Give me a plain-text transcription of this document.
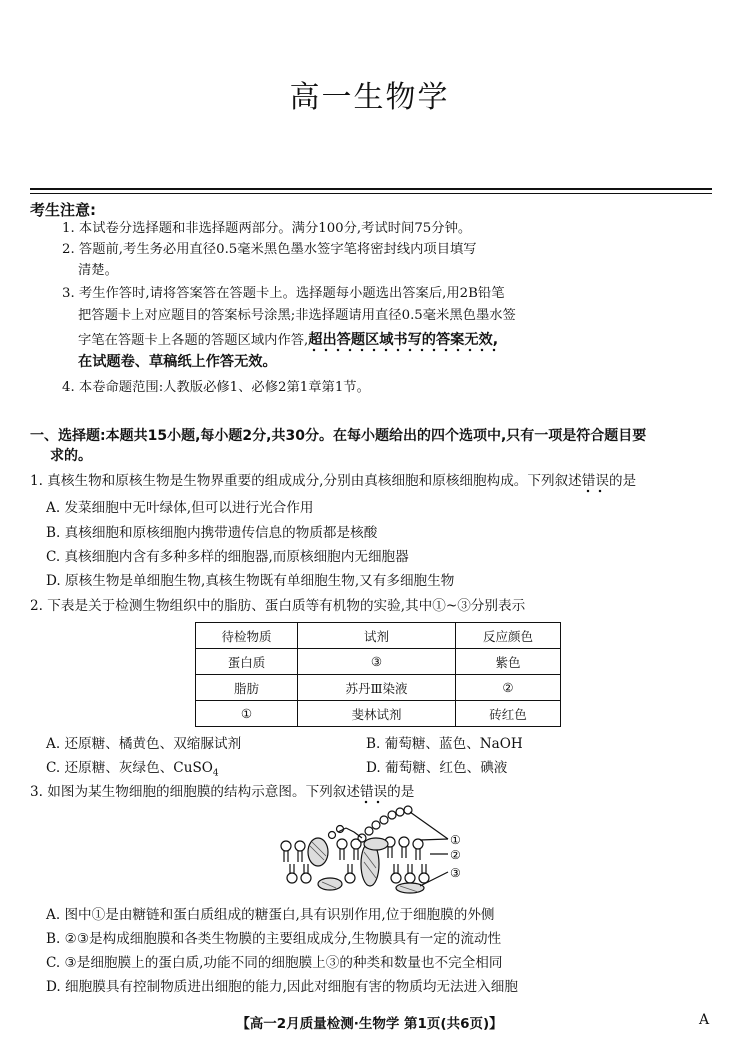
高一生物学
考生注意:
1. 本试卷分选择题和非选择题两部分。满分100分,考试时间75分钟。
2. 答题前,考生务必用直径0.5毫米黑色墨水签字笔将密封线内项目填写
清楚。
3. 考生作答时,请将答案答在答题卡上。选择题每小题选出答案后,用2B铅笔
把答题卡上对应题目的答案标号涂黑;非选择题请用直径0.5毫米黑色墨水签
字笔在答题卡上各题的答题区域内作答,超出答题区域书写的答案无效,
在试题卷、草稿纸上作答无效。
4. 本卷命题范围:人教版必修1、必修2第1章第1节。
一、选择题:本题共15小题,每小题2分,共30分。在每小题给出的四个选项中,只有一项是符合题目要
求的。
1. 真核生物和原核生物是生物界重要的组成成分,分别由真核细胞和原核细胞构成。下列叙述错误的是
A. 发菜细胞中无叶绿体,但可以进行光合作用
B. 真核细胞和原核细胞内携带遗传信息的物质都是核酸
C. 真核细胞内含有多种多样的细胞器,而原核细胞内无细胞器
D. 原核生物是单细胞生物,真核生物既有单细胞生物,又有多细胞生物
2. 下表是关于检测生物组织中的脂肪、蛋白质等有机物的实验,其中①~③分别表示
待检物质	试剂	反应颜色
蛋白质	③	紫色
脂肪	苏丹Ⅲ染液	②
①	斐林试剂	砖红色
A. 还原糖、橘黄色、双缩脲试剂	B. 葡萄糖、蓝色、NaOH
C. 还原糖、灰绿色、CuSO$_4$	D. 葡萄糖、红色、碘液
3. 如图为某生物细胞的细胞膜的结构示意图。下列叙述错误的是
①
②
③
A. 图中①是由糖链和蛋白质组成的糖蛋白,具有识别作用,位于细胞膜的外侧
B. ②③是构成细胞膜和各类生物膜的主要组成成分,生物膜具有一定的流动性
C. ③是细胞膜上的蛋白质,功能不同的细胞膜上③的种类和数量也不完全相同
D. 细胞膜具有控制物质进出细胞的能力,因此对细胞有害的物质均无法进入细胞
【高一2月质量检测·生物学 第1页(共6页)】	A
